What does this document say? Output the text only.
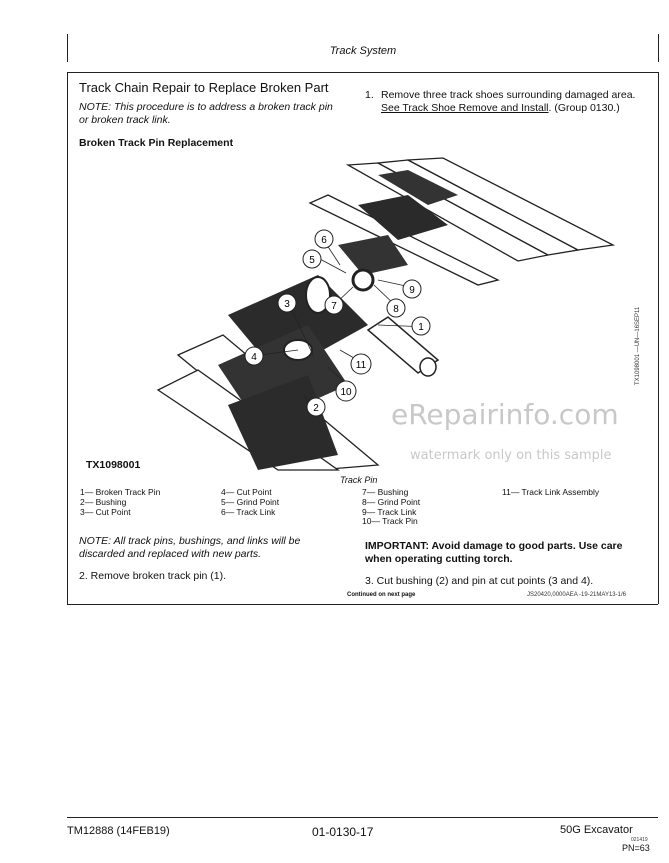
Track System
Track Chain Repair to Replace Broken Part
NOTE: This procedure is to address a broken track pin or broken track link.
Broken Track Pin Replacement
1. Remove three track shoes surrounding damaged area.
See Track Shoe Remove and Install. (Group 0130.)
1
2
3
4
5
6
7	8
9
10
11
TX1098001
TX1098001 —UN—16SEP11
Track Pin
1— Broken Track Pin
2— Bushing
3— Cut Point
4— Cut Point
5— Grind Point
6— Track Link
7— Bushing
8— Grind Point
9— Track Link
10— Track Pin
11— Track Link Assembly
NOTE: All track pins, bushings, and links will be discarded and replaced with new parts.
2. Remove broken track pin (1).
IMPORTANT: Avoid damage to good parts. Use care when operating cutting torch.
3. Cut bushing (2) and pin at cut points (3 and 4).
Continued on next page	JS20420,0000AEA -19-21MAY13-1/6
eRepairinfo.com
watermark only on this sample
TM12888 (14FEB19)	01-0130-17	50G Excavator
021419
PN=63
